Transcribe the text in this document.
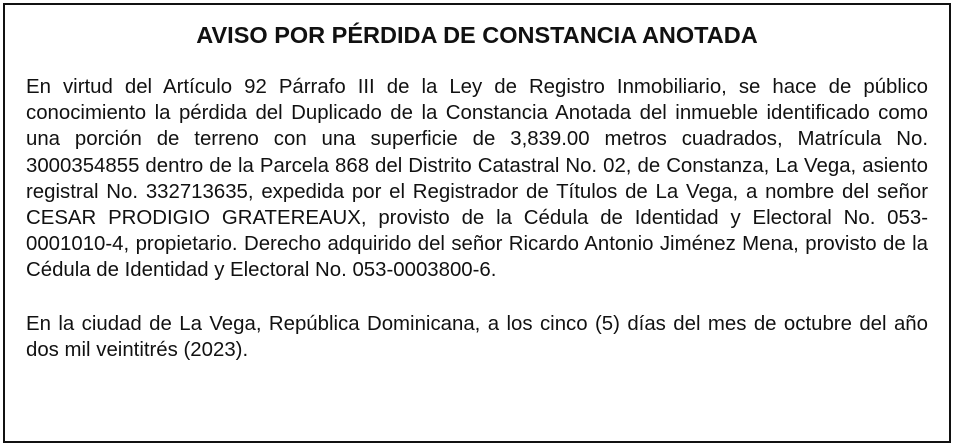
AVISO POR PÉRDIDA DE CONSTANCIA ANOTADA

En virtud del Artículo 92 Párrafo III de la Ley de Registro Inmobiliario, se hace de público conocimiento la pérdida del Duplicado de la Constancia Anotada del inmueble identificado como una porción de terreno con una superficie de 3,839.00 metros cuadrados, Matrícula No. 3000354855 dentro de la Parcela 868 del Distrito Catastral No. 02, de Constanza, La Vega, asiento registral No. 332713635, expedida por el Registrador de Títulos de La Vega, a nombre del señor CESAR PRODIGIO GRATEREAUX, provisto de la Cédula de Identidad y Electoral No. 053-0001010-4, propietario. Derecho adquirido del señor Ricardo Antonio Jiménez Mena, provisto de la Cédula de Identidad y Electoral No. 053-0003800-6.

En la ciudad de La Vega, República Dominicana, a los cinco (5) días del mes de octubre del año dos mil veintitrés (2023).
